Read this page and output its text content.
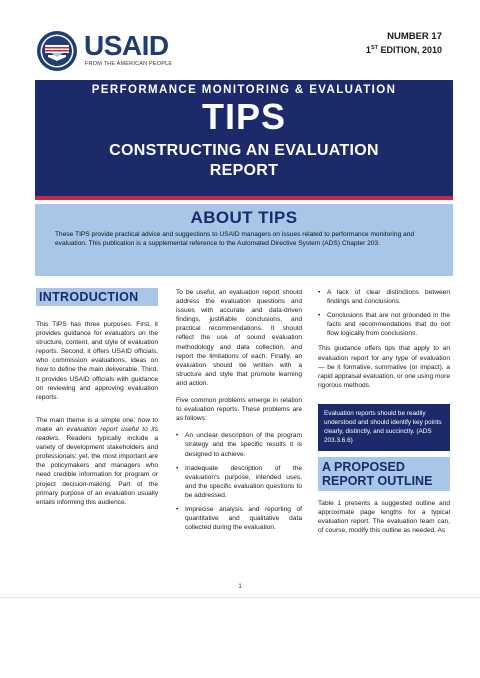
USAID
FROM THE AMERICAN PEOPLE
NUMBER 17
1ST EDITION, 2010
PERFORMANCE MONITORING & EVALUATION
TIPS
CONSTRUCTING AN EVALUATION
REPORT
ABOUT TIPS
These TIPS provide practical advice and suggestions to USAID managers on issues related to performance monitoring and evaluation. This publication is a supplemental reference to the Automated Directive System (ADS) Chapter 203.
INTRODUCTION

This TIPS has three purposes. First, it provides guidance for evaluators on the structure, content, and style of evaluation reports. Second, it offers USAID officials, who commission evaluations, ideas on how to define the main deliverable. Third, it provides USAID officials with guidance on reviewing and approving evaluation reports.

The main theme is a simple one: how to make an evaluation report useful to its readers. Readers typically include a variety of development stakeholders and professionals; yet, the most important are the policymakers and managers who need credible information for program or project decision-making. Part of the primary purpose of an evaluation usually entails informing this audience.

To be useful, an evaluation report should address the evaluation questions and issues with accurate and data-driven findings, justifiable conclusions, and practical recommendations. It should reflect the use of sound evaluation methodology and data collection, and report the limitations of each. Finally, an evaluation should be written with a structure and style that promote learning and action.

Five common problems emerge in relation to evaluation reports. These problems are as follows:

• An unclear description of the program strategy and the specific results it is designed to achieve.
• Inadequate description of the evaluation's purpose, intended uses, and the specific evaluation questions to be addressed.
• Imprecise analysis and reporting of quantitative and qualitative data collected during the evaluation.
• A lack of clear distinctions between findings and conclusions.
• Conclusions that are not grounded in the facts and recommendations that do not flow logically from conclusions.

This guidance offers tips that apply to an evaluation report for any type of evaluation — be it formative, summative (or impact), a rapid appraisal evaluation, or one using more rigorous methods.

Evaluation reports should be readily understood and should identify key points clearly, distinctly, and succinctly. (ADS 203.3.6.6)
A PROPOSED
REPORT OUTLINE

Table 1 presents a suggested outline and approximate page lengths for a typical evaluation report. The evaluation team can, of course, modify this outline as needed. As

1
